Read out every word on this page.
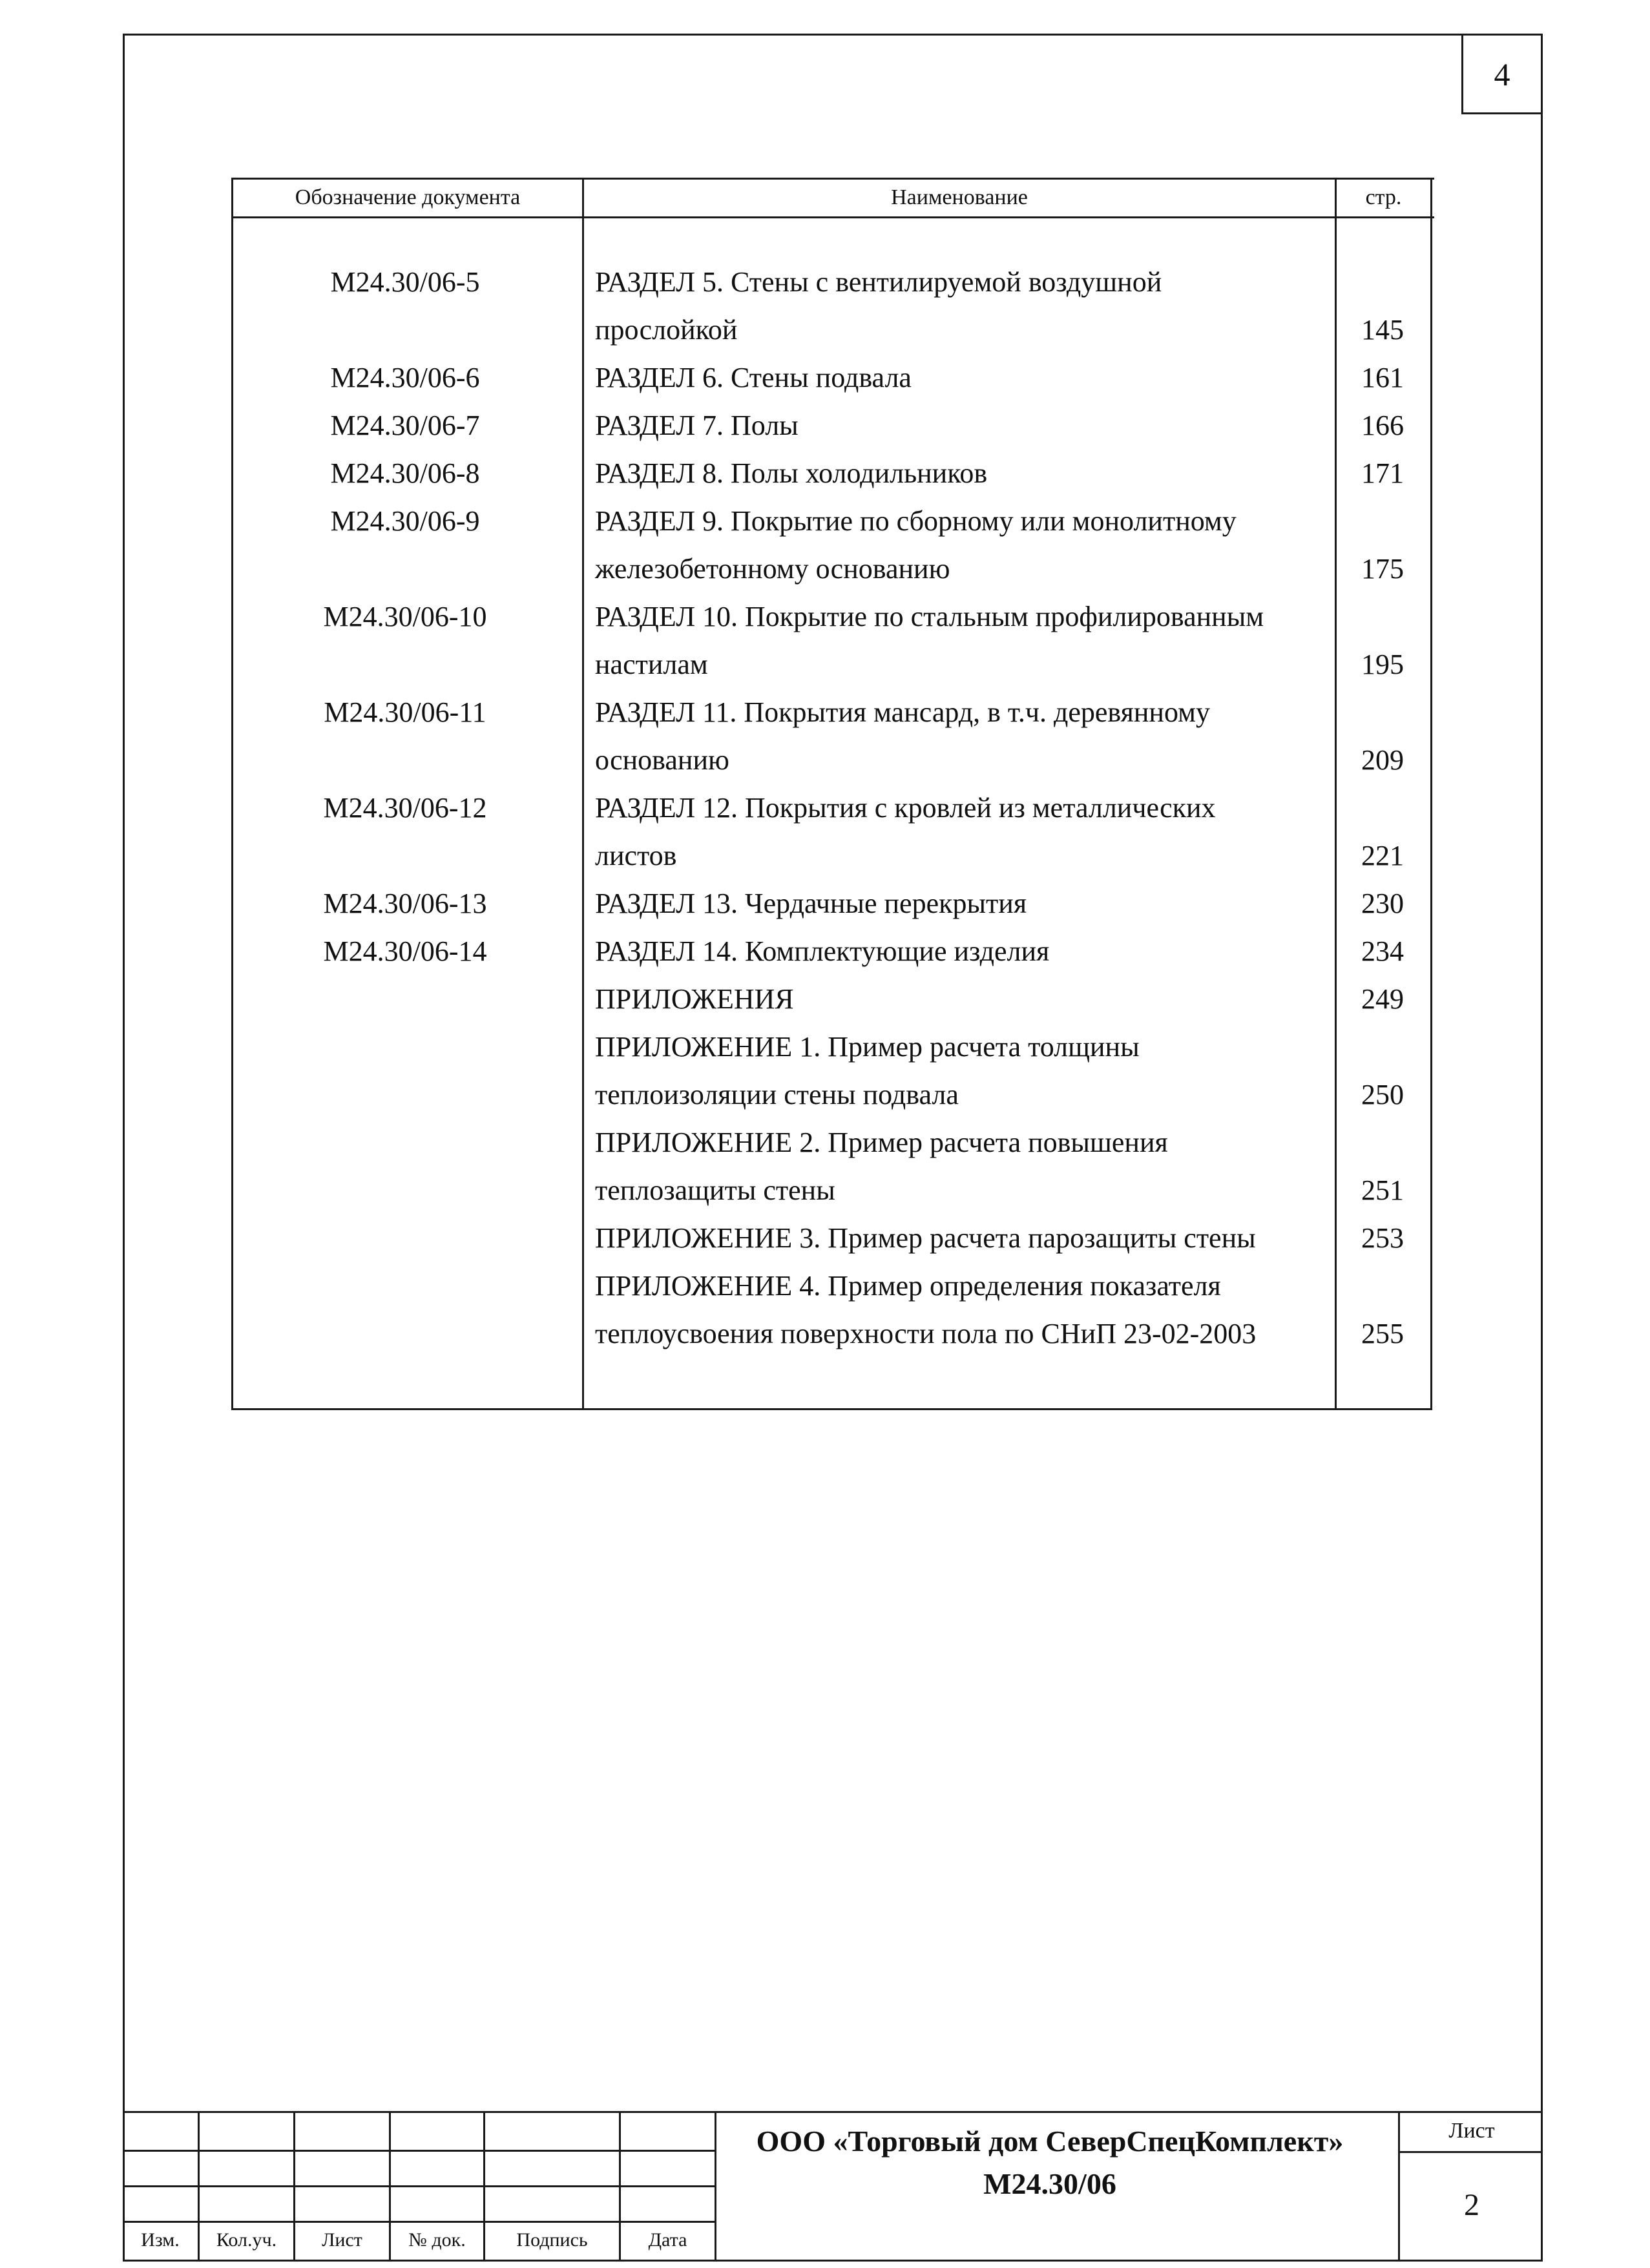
4
Обозначение документа	Наименование	стр.
М24.30/06-5	РАЗДЕЛ 5. Стены с вентилируемой воздушной
прослойкой	145
М24.30/06-6	РАЗДЕЛ 6. Стены подвала	161
М24.30/06-7	РАЗДЕЛ 7. Полы	166
М24.30/06-8	РАЗДЕЛ 8. Полы холодильников	171
М24.30/06-9	РАЗДЕЛ 9. Покрытие по сборному или монолитному
железобетонному основанию	175
М24.30/06-10	РАЗДЕЛ 10. Покрытие по стальным профилированным
настилам	195
М24.30/06-11	РАЗДЕЛ 11. Покрытия мансард, в т.ч. деревянному
основанию	209
М24.30/06-12	РАЗДЕЛ 12. Покрытия с кровлей из металлических
листов	221
М24.30/06-13	РАЗДЕЛ 13. Чердачные перекрытия	230
М24.30/06-14	РАЗДЕЛ 14. Комплектующие изделия	234
ПРИЛОЖЕНИЯ	249
ПРИЛОЖЕНИЕ 1. Пример расчета толщины
теплоизоляции стены подвала	250
ПРИЛОЖЕНИЕ 2. Пример расчета повышения
теплозащиты стены	251
ПРИЛОЖЕНИЕ 3. Пример расчета парозащиты стены	253
ПРИЛОЖЕНИЕ 4. Пример определения показателя
теплоусвоения поверхности пола по СНиП 23-02-2003	255
Изм.	Кол.уч.	Лист	№ док.	Подпись	Дата
ООО «Торговый дом СеверСпецКомплект»
М24.30/06
Лист
2
